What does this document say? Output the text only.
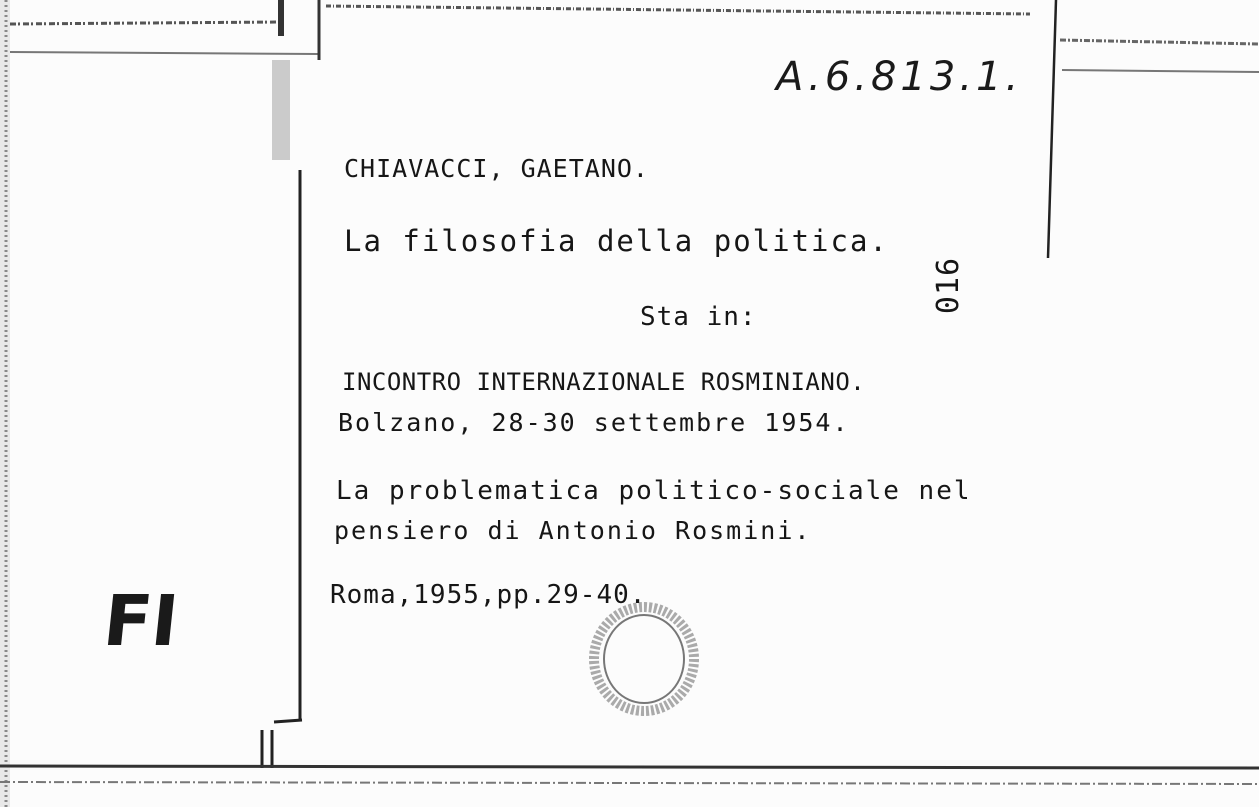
A.6.813.1.
CHIAVACCI, GAETANO.
La filosofia della politica.
Sta in:
016
INCONTRO INTERNAZIONALE ROSMINIANO.
Bolzano, 28-30 settembre 1954.
La problematica politico-sociale nel
pensiero di Antonio Rosmini.
Roma,1955,pp.29-40.
FI
